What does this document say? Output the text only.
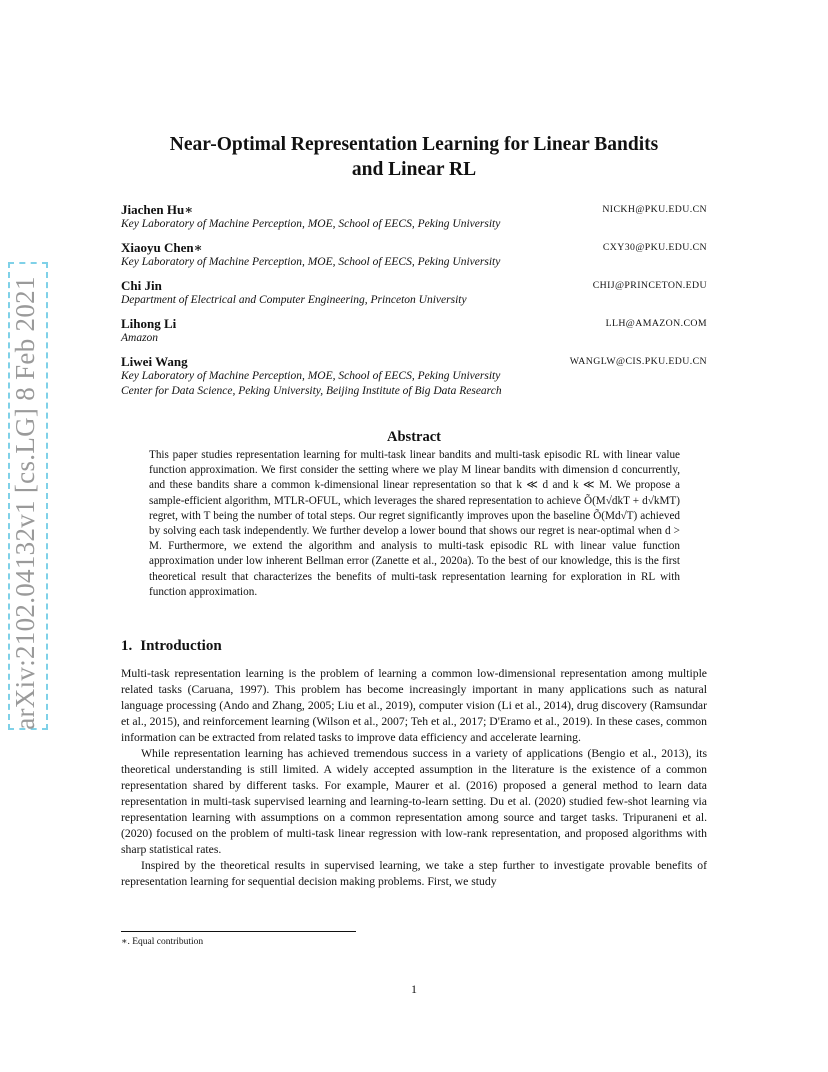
arXiv:2102.04132v1 [cs.LG] 8 Feb 2021
Near-Optimal Representation Learning for Linear Bandits
and Linear RL
Jiachen Hu∗	NICKH@PKU.EDU.CN
Key Laboratory of Machine Perception, MOE, School of EECS, Peking University
Xiaoyu Chen∗	CXY30@PKU.EDU.CN
Key Laboratory of Machine Perception, MOE, School of EECS, Peking University
Chi Jin	CHIJ@PRINCETON.EDU
Department of Electrical and Computer Engineering, Princeton University
Lihong Li	LLH@AMAZON.COM
Amazon
Liwei Wang	WANGLW@CIS.PKU.EDU.CN
Key Laboratory of Machine Perception, MOE, School of EECS, Peking University
Center for Data Science, Peking University, Beijing Institute of Big Data Research
Abstract

This paper studies representation learning for multi-task linear bandits and multi-task episodic RL with linear value function approximation. We first consider the setting where we play M linear bandits with dimension d concurrently, and these bandits share a common k-dimensional linear representation so that k ≪ d and k ≪ M. We propose a sample-efficient algorithm, MTLR-OFUL, which leverages the shared representation to achieve Õ(M√dkT + d√kMT) regret, with T being the number of total steps. Our regret significantly improves upon the baseline Õ(Md√T) achieved by solving each task independently. We further develop a lower bound that shows our regret is near-optimal when d > M. Furthermore, we extend the algorithm and analysis to multi-task episodic RL with linear value function approximation under low inherent Bellman error (Zanette et al., 2020a). To the best of our knowledge, this is the first theoretical result that characterizes the benefits of multi-task representation learning for exploration in RL with function approximation.

1. Introduction

Multi-task representation learning is the problem of learning a common low-dimensional representation among multiple related tasks (Caruana, 1997). This problem has become increasingly important in many applications such as natural language processing (Ando and Zhang, 2005; Liu et al., 2019), computer vision (Li et al., 2014), drug discovery (Ramsundar et al., 2015), and reinforcement learning (Wilson et al., 2007; Teh et al., 2017; D'Eramo et al., 2019). In these cases, common information can be extracted from related tasks to improve data efficiency and accelerate learning.

While representation learning has achieved tremendous success in a variety of applications (Bengio et al., 2013), its theoretical understanding is still limited. A widely accepted assumption in the literature is the existence of a common representation shared by different tasks. For example, Maurer et al. (2016) proposed a general method to learn data representation in multi-task supervised learning and learning-to-learn setting. Du et al. (2020) studied few-shot learning via representation learning with assumptions on a common representation among source and target tasks. Tripuraneni et al. (2020) focused on the problem of multi-task linear regression with low-rank representation, and proposed algorithms with sharp statistical rates.

Inspired by the theoretical results in supervised learning, we take a step further to investigate provable benefits of representation learning for sequential decision making problems. First, we study

∗. Equal contribution
1
